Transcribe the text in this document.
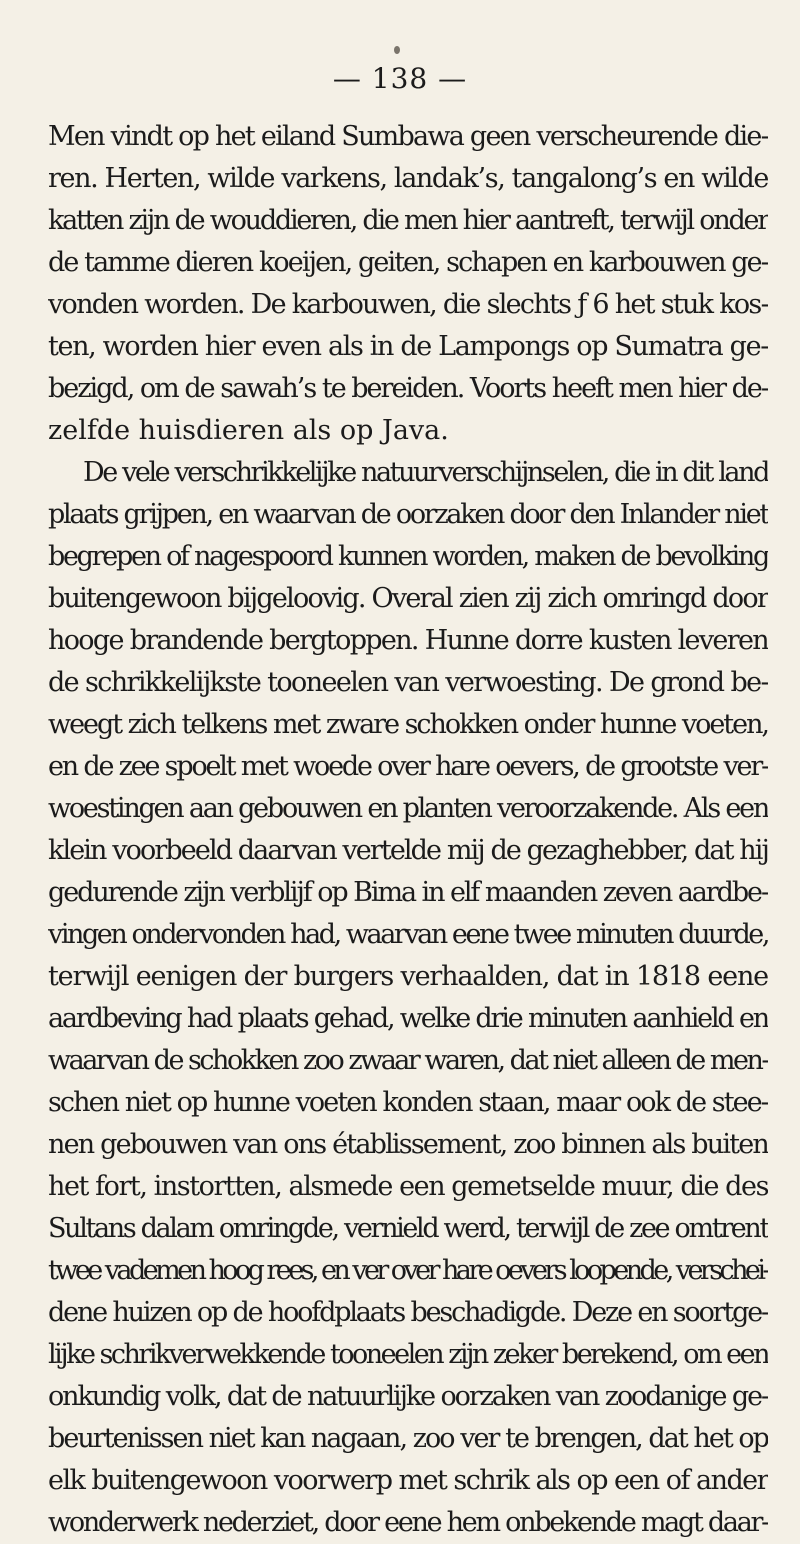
— 138 —
Men vindt op het eiland Sumbawa geen verscheurende die-
ren. Herten, wilde varkens, landak’s, tangalong’s en wilde
katten zijn de wouddieren, die men hier aantreft, terwijl onder
de tamme dieren koeijen, geiten, schapen en karbouwen ge-
vonden worden. De karbouwen, die slechts ƒ 6 het stuk kos-
ten, worden hier even als in de Lampongs op Sumatra ge-
bezigd, om de sawah’s te bereiden. Voorts heeft men hier de-
zelfde huisdieren als op Java.
De vele verschrikkelijke natuurverschijnselen, die in dit land
plaats grijpen, en waarvan de oorzaken door den Inlander niet
begrepen of nagespoord kunnen worden, maken de bevolking
buitengewoon bijgeloovig. Overal zien zij zich omringd door
hooge brandende bergtoppen. Hunne dorre kusten leveren
de schrikkelijkste tooneelen van verwoesting. De grond be-
weegt zich telkens met zware schokken onder hunne voeten,
en de zee spoelt met woede over hare oevers, de grootste ver-
woestingen aan gebouwen en planten veroorzakende. Als een
klein voorbeeld daarvan vertelde mij de gezaghebber, dat hij
gedurende zijn verblijf op Bima in elf maanden zeven aardbe-
vingen ondervonden had, waarvan eene twee minuten duurde,
terwijl eenigen der burgers verhaalden, dat in 1818 eene
aardbeving had plaats gehad, welke drie minuten aanhield en
waarvan de schokken zoo zwaar waren, dat niet alleen de men-
schen niet op hunne voeten konden staan, maar ook de stee-
nen gebouwen van ons établissement, zoo binnen als buiten
het fort, instortten, alsmede een gemetselde muur, die des
Sultans dalam omringde, vernield werd, terwijl de zee omtrent
twee vademen hoog rees, en ver over hare oevers loopende, verschei-
dene huizen op de hoofdplaats beschadigde. Deze en soortge-
lijke schrikverwekkende tooneelen zijn zeker berekend, om een
onkundig volk, dat de natuurlijke oorzaken van zoodanige ge-
beurtenissen niet kan nagaan, zoo ver te brengen, dat het op
elk buitengewoon voorwerp met schrik als op een of ander
wonderwerk nederziet, door eene hem onbekende magt daar-
